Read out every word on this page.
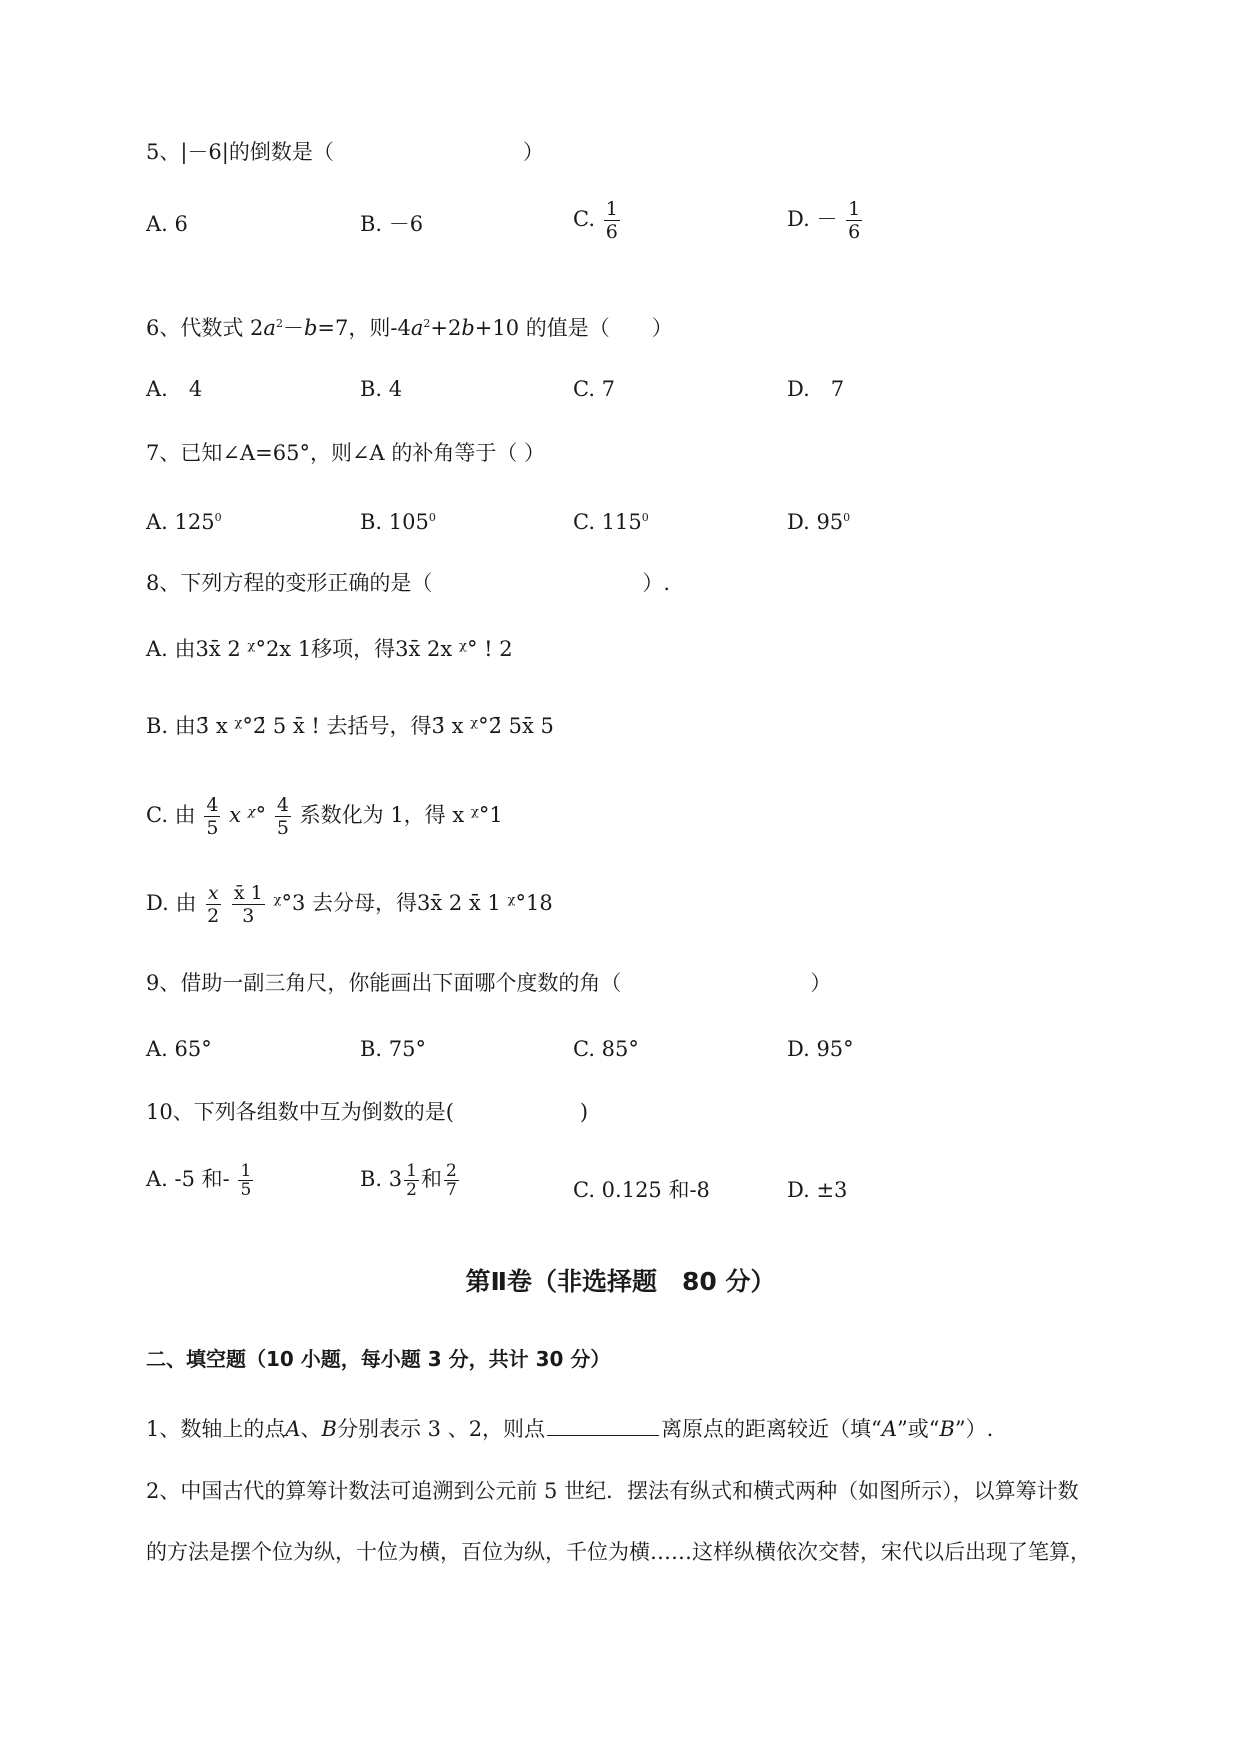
5、|－6|的倒数是（　　　　　　　　　）
A. 6	B. －6	C. $\frac{1}{6}$	D. － $\frac{1}{6}$
6、代数式 $2a^2-b=7$，则$-4a^2+2b+10$ 的值是（　　）
A.　4	B. 4	C. 7	D.　7
7、已知∠A=65°，则∠A 的补角等于（ ）
A. $125^0$	B. $105^0$	C. $115^0$	D. $95^0$
8、下列方程的变形正确的是（　　　　　　　　　　）.
A. 由3x̄ 2 ᵡ°2x 1移项，得3x̄ 2x ᵡ° ! 2
B. 由3̄ x ᵡ°2̄ 5 x̄ ! 去括号，得3̄ x ᵡ°2̄ 5x̄ 5
C. 由 $\frac{4}{5}$ x ᵡ° $\frac{4}{5}$ 系数化为 1，得 x ᵡ°1
D. 由 $\frac{x}{2}$
$\frac{x̄ 1}{3}$ ᵡ°3 去分母，得3x̄ 2 x̄ 1 ᵡ°18
9、借助一副三角尺，你能画出下面哪个度数的角（　　　　　　　　　）
A. 65°	B. 75°	C. 85°	D. 95°
10、下列各组数中互为倒数的是(　　　　　　)
A. -5 和- $\frac{1}{5}$	B. $3 \frac{1}{2}$ 和 $\frac{2}{7}$	C. 0.125 和-8	D. ±3
第Ⅱ卷（非选择题　80 分）
二、填空题（10 小题，每小题 3 分，共计 30 分）
1、数轴上的点A、B分别表示 3 、2，则点	离原点的距离较近（填“A”或“B”）.
2、中国古代的算筹计数法可追溯到公元前 5 世纪．摆法有纵式和横式两种（如图所示），以算筹计数
的方法是摆个位为纵，十位为横，百位为纵，千位为横……这样纵横依次交替，宋代以后出现了笔算，
